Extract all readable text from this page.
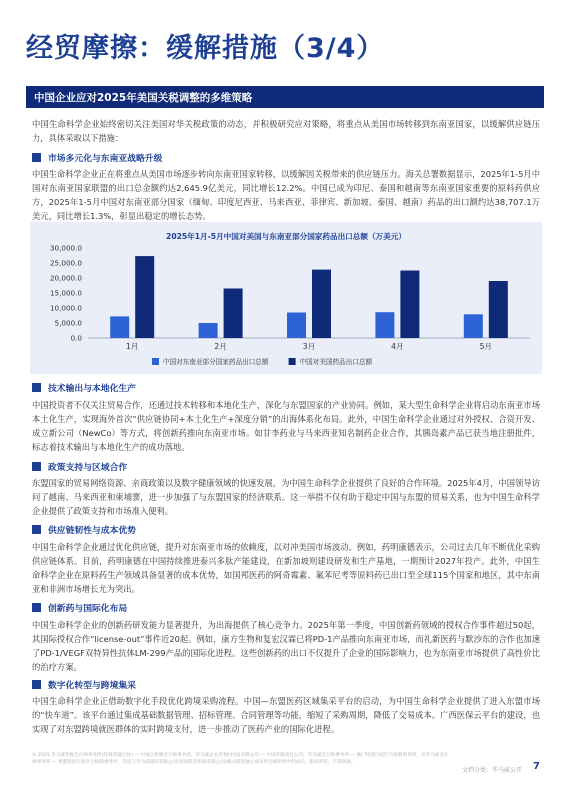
经贸摩擦：缓解措施（3/4）
中国企业应对2025年美国关税调整的多维策略
中国生命科学企业始终密切关注美国对华关税政策的动态，并积极研究应对策略，将重点从美国市场转移到东南亚国家，以缓解供应链压力，具体采取以下措施：
市场多元化与东南亚战略升级
中国生命科学企业正在将重点从美国市场逐步转向东南亚国家转移，以缓解因关税带来的供应链压力。海关总署数据显示，2025年1-5月中国对东南亚国家联盟的出口总金额约达2,645.9亿美元，同比增长12.2%。中国已成为印尼、泰国和越南等东南亚国家重要的原料药供应方，2025年1-5月中国对东南亚部分国家（缅甸、印度尼西亚、马来西亚、菲律宾、新加坡、泰国、越南）药品的出口额约达38,707.1万美元，同比增长1.3%，彰显出稳定的增长态势。
2025年1月-5月中国对美国与东南亚部分国家药品出口总额（万美元）
0.0
5,000.0
10,000.0
15,000.0
20,000.0
25,000.0
30,000.0
1月	2月	3月	4月	5月
中国对东南亚部分国家药品出口总额	中国对美国药品出口总额
技术输出与本地化生产
中国投资者不仅关注贸易合作，还通过技术转移和本地化生产，深化与东盟国家的产业协同。例如，某大型生命科学企业将启动东南亚市场本土化生产，实现海外首次“供应链协同+本土化生产+深度分销”的出海体系化布局。此外，中国生命科学企业通过对外授权、合资开发、成立新公司（NewCo）等方式，将创新药推向东南亚市场。如甘李药业与马来西亚知名制药企业合作，其胰岛素产品已获当地注册批件，标志着技术输出与本地化生产的成功落地。
政策支持与区域合作
东盟国家的贸易网络资源、亲商政策以及数字健康领域的快速发展，为中国生命科学企业提供了良好的合作环境。2025年4月，中国领导访问了越南、马来西亚和柬埔寨，进一步加强了与东盟国家的经济联系。这一举措不仅有助于稳定中国与东盟的贸易关系，也为中国生命科学企业提供了政策支持和市场准入便利。
供应链韧性与成本优势
中国生命科学企业通过优化供应链，提升对东南亚市场的依赖度，以对冲美国市场波动。例如，药明康德表示，公司过去几年不断优化采购供应链体系。目前，药明康德在中国持续推进泰兴多肽产能建设，在新加坡则建设研发和生产基地，一期预计2027年投产。此外，中国生命科学企业在原料药生产领域具备显著的成本优势，如国邦医药的阿奇霉素、氟苯尼考等原料药已出口至全球115个国家和地区，其中东南亚和非洲市场增长尤为突出。
创新药与国际化布局
中国生命科学企业的创新药研发能力显著提升，为出海提供了核心竞争力。2025年第一季度，中国创新药领域的授权合作事件超过50起，其国际授权合作“license-out”事件近20起。例如，康方生物和复宏汉霖已将PD-1产品推向东南亚市场，而礼新医药与默沙东的合作也加速了PD-1/VEGF双特异性抗体LM-299产品的国际化进程。这些创新药的出口不仅提升了企业的国际影响力，也为东南亚市场提供了高性价比的治疗方案。
数字化转型与跨境集采
中国生命科学企业正借助数字化手段优化跨境采购流程。中国—东盟医药区域集采平台的启动，为中国生命科学企业提供了进入东盟市场的“快车道”。该平台通过集成基础数据管理、招标管理、合同管理等功能，缩短了采购周期，降低了交易成本。广西医保云平台的建设，也实现了对东盟跨境就医群体的实时跨境支付，进一步推动了医药产业的国际化进程。
© 2025 毕马威华振会计师事务所(特殊普通合伙) — 中国合伙制会计师事务所、毕马威企业咨询(中国)有限公司 — 中国有限责任公司、毕马威会计师事务所 — 澳门特别行政区合伙制事务所，及毕马威会计师事务所 — 香港特别行政区合伙制事务所，均是与毕马威国际有限公司(英国私营担保有限公司)相关联的独立成员所全球组织中的成员。版权所有，不得转载。
文档分类：毕马威公开 7
